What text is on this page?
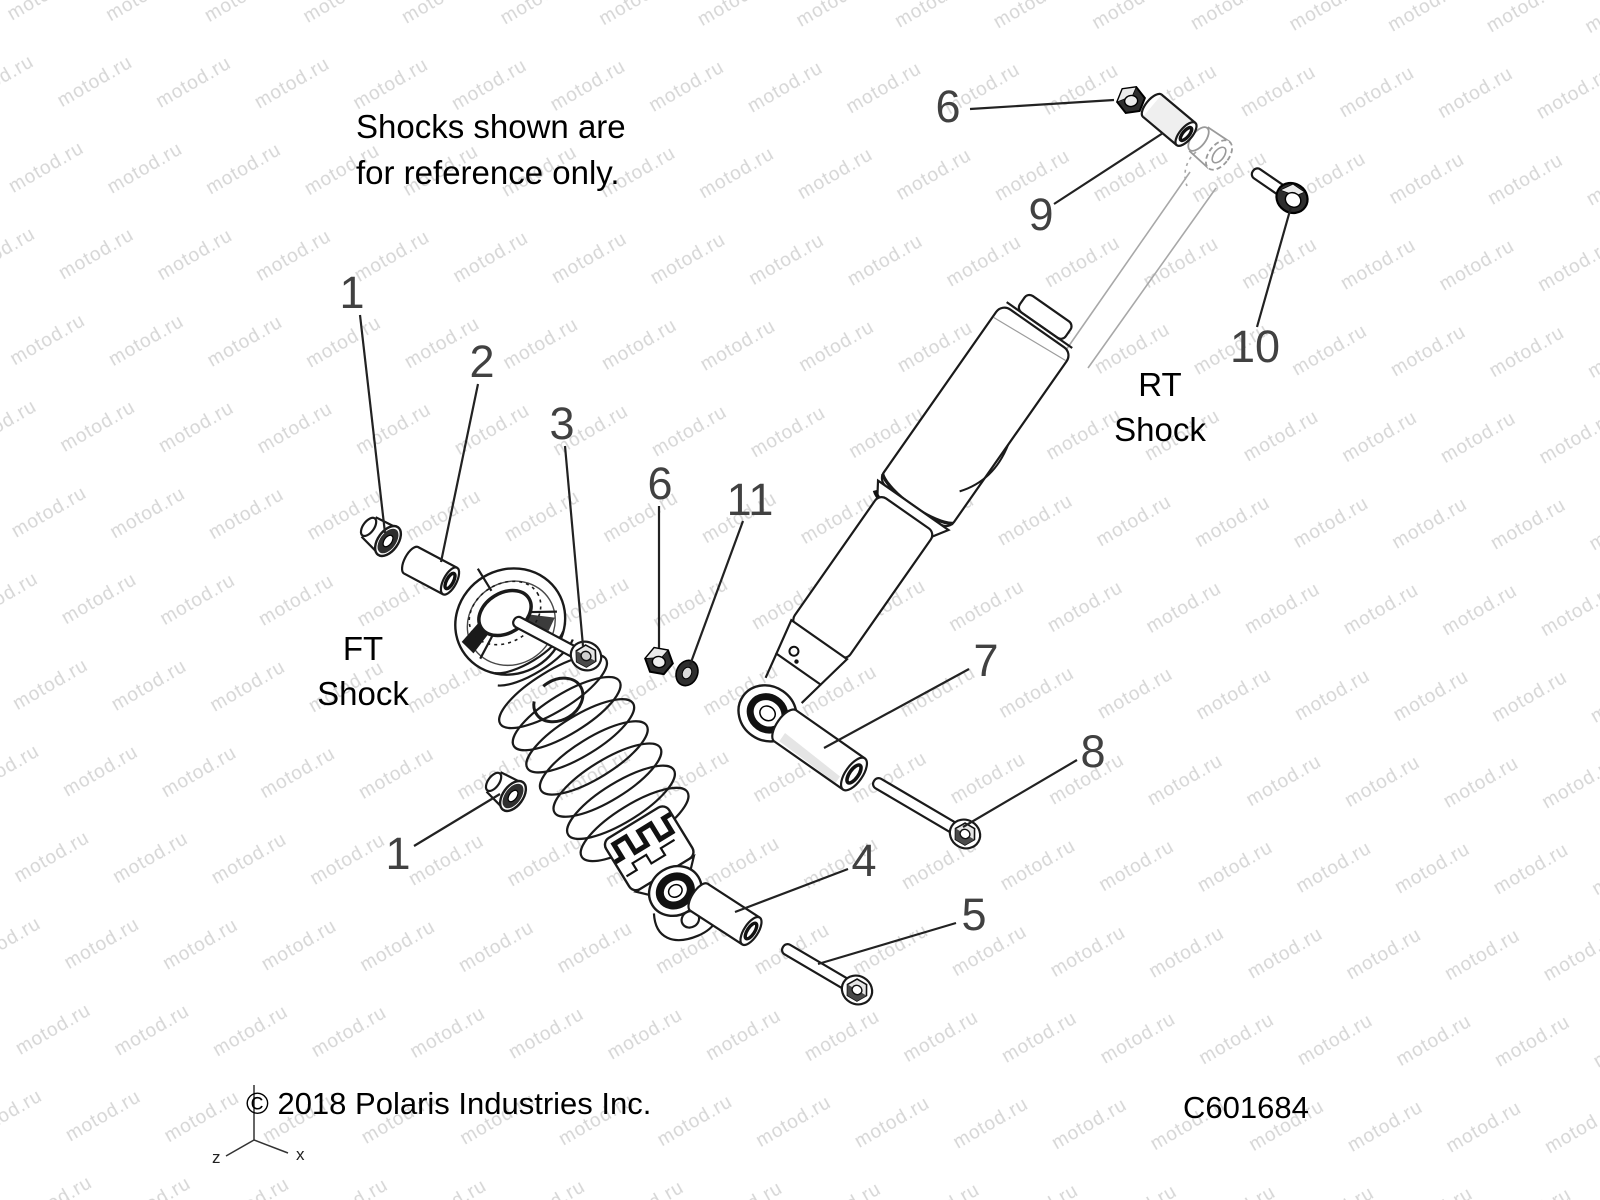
z	x
Shocks shown are
for reference only.
FT
Shock
RT
Shock
1
2
3
6 11
1	4
5
7
8
6
9
10
© 2018 Polaris Industries Inc.	C601684
